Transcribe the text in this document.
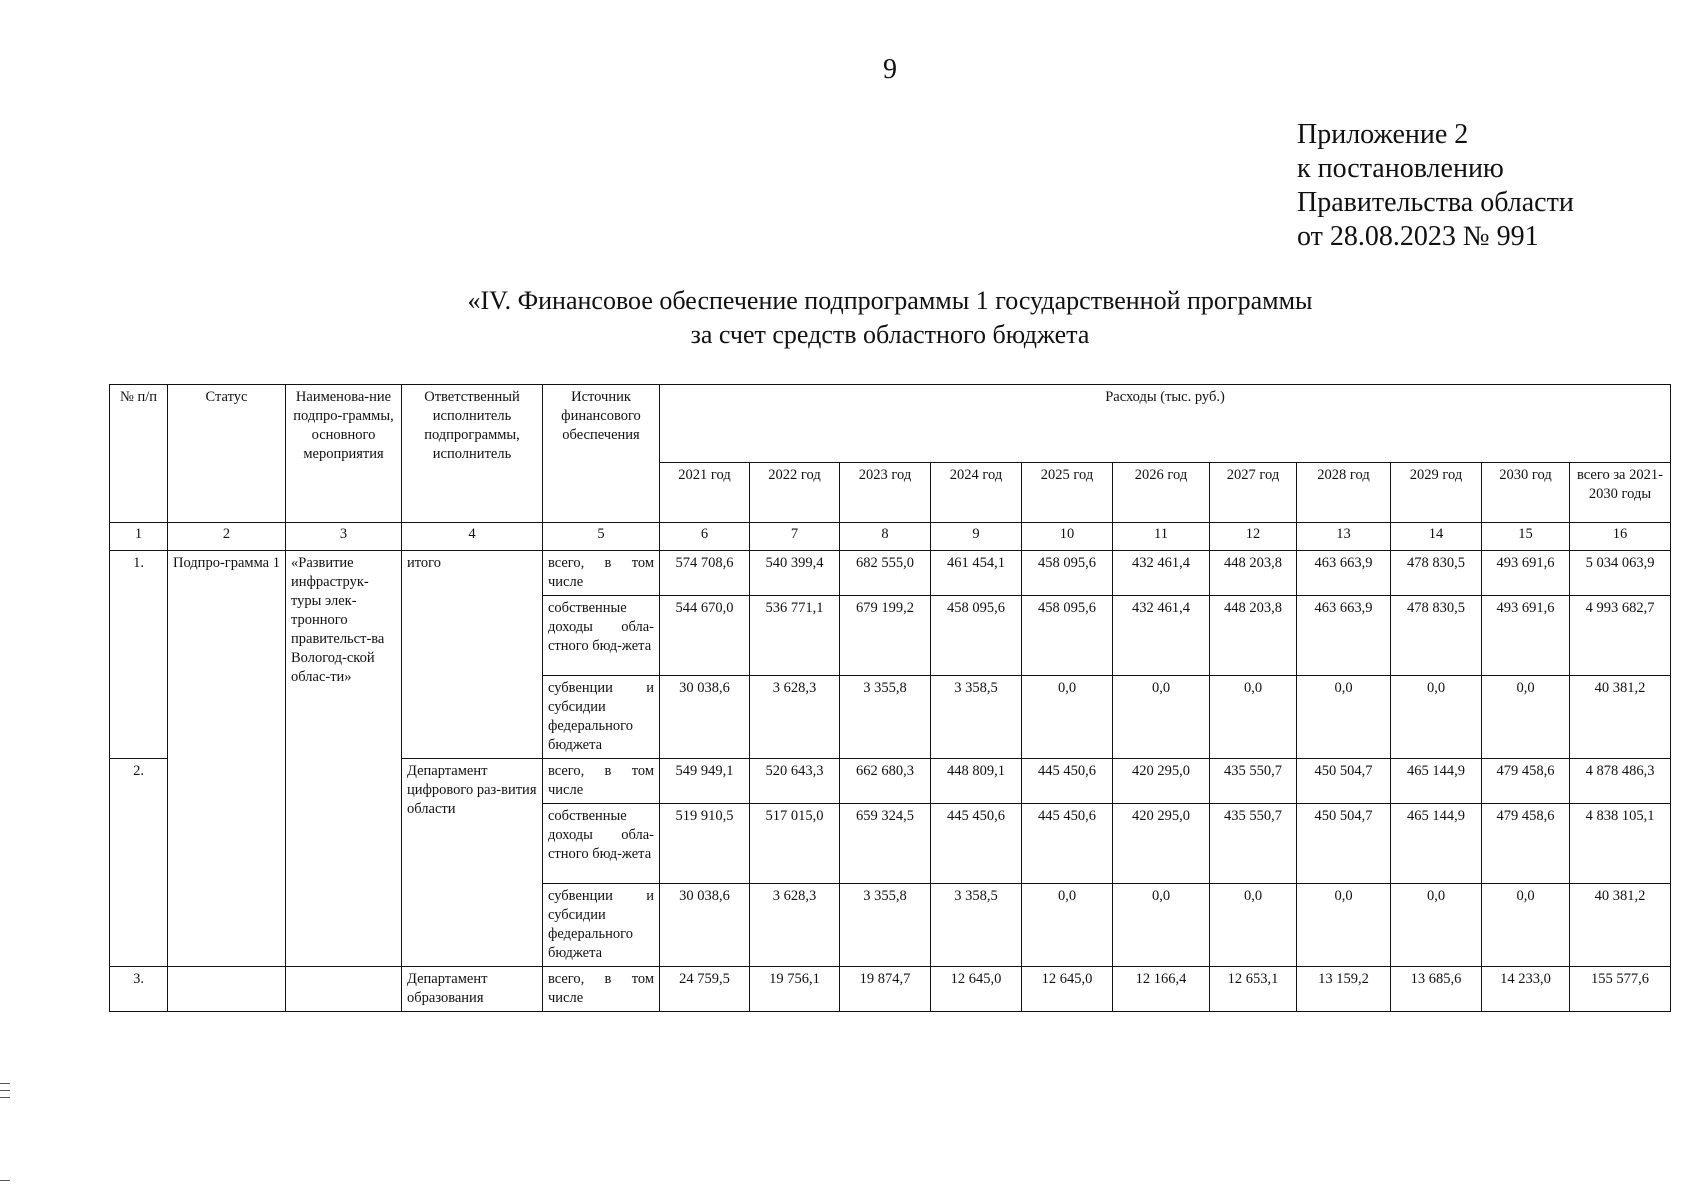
9
Приложение 2
к постановлению
Правительства области
от 28.08.2023 № 991
«IV. Финансовое обеспечение подпрограммы 1 государственной программы
за счет средств областного бюджета
№ п/п	Статус	Наименова-ние подпро-граммы, основного мероприятия	Ответственный исполнитель подпрограммы, исполнитель	Источник финансового обеспечения	Расходы (тыс. руб.)										
					2021 год	2022 год	2023 год	2024 год	2025 год	2026 год	2027 год	2028 год	2029 год	2030 год	всего за 2021-2030 годы
1	2	3	4	5	6	7	8	9	10	11	12	13	14	15	16
1.	Подпро-грамма 1	«Развитие инфраструк-туры элек-тронного правительст-ва Вологод-ской облас-ти»	итого	всего, в том числе	574 708,6	540 399,4	682 555,0	461 454,1	458 095,6	432 461,4	448 203,8	463 663,9	478 830,5	493 691,6	5 034 063,9
				собственные доходы обла-стного бюд-жета	544 670,0	536 771,1	679 199,2	458 095,6	458 095,6	432 461,4	448 203,8	463 663,9	478 830,5	493 691,6	4 993 682,7
				субвенции и субсидии федерального бюджета	30 038,6	3 628,3	3 355,8	3 358,5	0,0	0,0	0,0	0,0	0,0	0,0	40 381,2
2.			Департамент цифрового раз-вития области	всего, в том числе	549 949,1	520 643,3	662 680,3	448 809,1	445 450,6	420 295,0	435 550,7	450 504,7	465 144,9	479 458,6	4 878 486,3
				собственные доходы обла-стного бюд-жета	519 910,5	517 015,0	659 324,5	445 450,6	445 450,6	420 295,0	435 550,7	450 504,7	465 144,9	479 458,6	4 838 105,1
				субвенции и субсидии федерального бюджета	30 038,6	3 628,3	3 355,8	3 358,5	0,0	0,0	0,0	0,0	0,0	0,0	40 381,2
3.			Департамент образования	всего, в том числе	24 759,5	19 756,1	19 874,7	12 645,0	12 645,0	12 166,4	12 653,1	13 159,2	13 685,6	14 233,0	155 577,6
